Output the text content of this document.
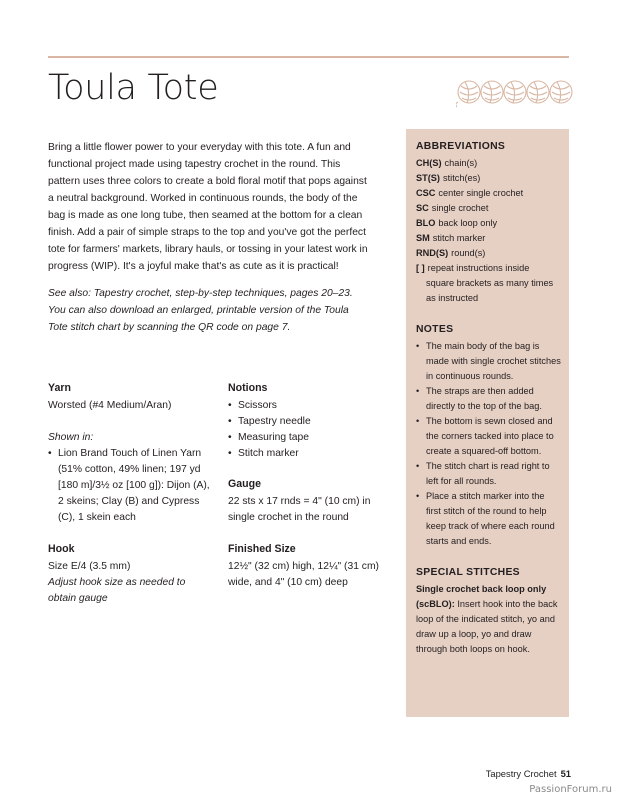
Toula Tote

Bring a little flower power to your everyday with this tote. A fun and functional project made using tapestry crochet in the round. This pattern uses three colors to create a bold floral motif that pops against a neutral background. Worked in continuous rounds, the body of the bag is made as one long tube, then seamed at the bottom for a clean finish. Add a pair of simple straps to the top and you've got the perfect tote for farmers' markets, library hauls, or tossing in your latest work in progress (WIP). It's a joyful make that's as cute as it is practical!

See also: Tapestry crochet, step-by-step techniques, pages 20–23. You can also download an enlarged, printable version of the Toula Tote stitch chart by scanning the QR code on page 7.

Yarn
Worsted (#4 Medium/Aran)
Shown in:
• Lion Brand Touch of Linen Yarn (51% cotton, 49% linen; 197 yd [180 m]/3½ oz [100 g]): Dijon (A), 2 skeins; Clay (B) and Cypress (C), 1 skein each
Hook
Size E/4 (3.5 mm)
Adjust hook size as needed to obtain gauge
Notions
• Scissors
• Tapestry needle
• Measuring tape
• Stitch marker
Gauge
22 sts x 17 rnds = 4" (10 cm) in single crochet in the round
Finished Size
12½" (32 cm) high, 12¼" (31 cm) wide, and 4" (10 cm) deep
ABBREVIATIONS
CH(S) chain(s)
ST(S) stitch(es)
CSC center single crochet
SC single crochet
BLO back loop only
SM stitch marker
RND(S) round(s)
[ ] repeat instructions inside
square brackets as many times
as instructed
NOTES
• The main body of the bag is made with single crochet stitches in continuous rounds.
• The straps are then added directly to the top of the bag.
• The bottom is sewn closed and the corners tacked into place to create a squared-off bottom.
• The stitch chart is read right to left for all rounds.
• Place a stitch marker into the first stitch of the round to help keep track of where each round starts and ends.
SPECIAL STITCHES
Single crochet back loop only (scBLO): Insert hook into the back loop of the indicated stitch, yo and draw up a loop, yo and draw through both loops on hook.
Tapestry Crochet 51
PassionForum.ru
